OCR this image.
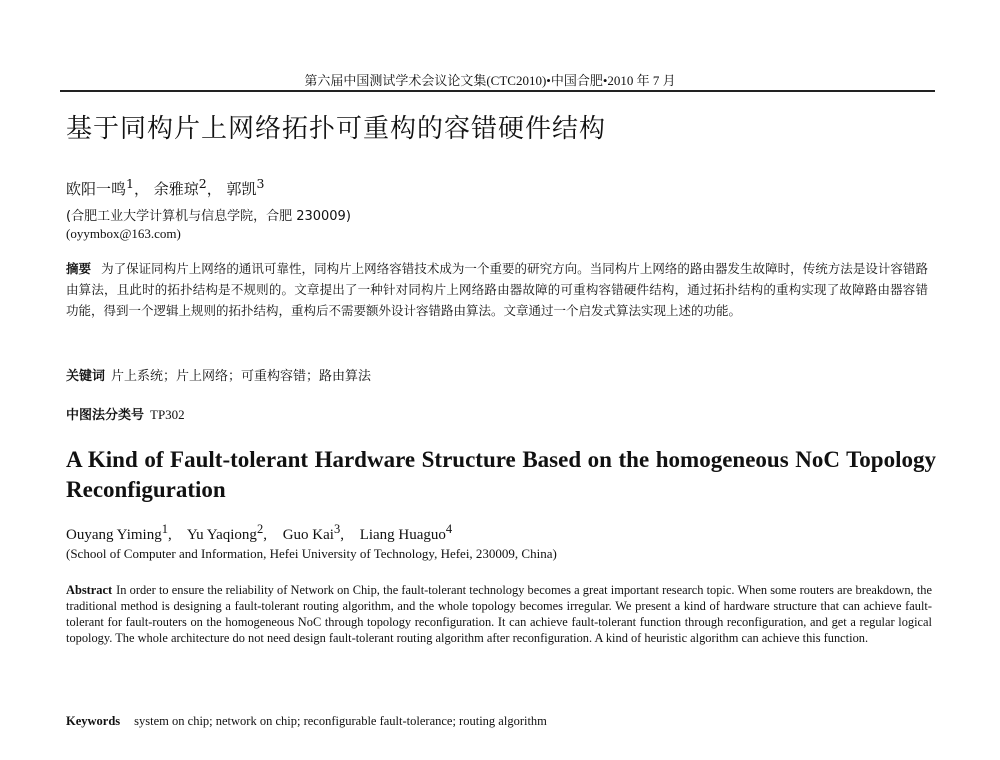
第六届中国测试学术会议论文集(CTC2010)•中国合肥•2010 年 7 月
基于同构片上网络拓扑可重构的容错硬件结构
欧阳一鸣$^1$， 余雅琼$^2$， 郭凯$^3$
(合肥工业大学计算机与信息学院，合肥 230009)
(oyymbox@163.com)
摘要 为了保证同构片上网络的通讯可靠性，同构片上网络容错技术成为一个重要的研究方向。当同构片上网络的路由器发生故障时，传统方法是设计容错路由算法，且此时的拓扑结构是不规则的。文章提出了一种针对同构片上网络路由器故障的可重构容错硬件结构，通过拓扑结构的重构实现了故障路由器容错功能，得到一个逻辑上规则的拓扑结构，重构后不需要额外设计容错路由算法。文章通过一个启发式算法实现上述的功能。
关键词 片上系统；片上网络；可重构容错；路由算法
中图法分类号 TP302
A Kind of Fault-tolerant Hardware Structure Based on the homogeneous NoC Topology Reconfiguration
Ouyang Yiming$^1$, Yu Yaqiong$^2$, Guo Kai$^3$, Liang Huaguo$^4$
(School of Computer and Information, Hefei University of Technology, Hefei, 230009, China)
Abstract In order to ensure the reliability of Network on Chip, the fault-tolerant technology becomes a great important research topic. When some routers are breakdown, the traditional method is designing a fault-tolerant routing algorithm, and the whole topology becomes irregular. We present a kind of hardware structure that can achieve fault-tolerant for fault-routers on the homogeneous NoC through topology reconfiguration. It can achieve fault-tolerant function through reconfiguration, and get a regular logical topology. The whole architecture do not need design fault-tolerant routing algorithm after reconfiguration. A kind of heuristic algorithm can achieve this function.
Keywords system on chip; network on chip; reconfigurable fault-tolerance; routing algorithm
